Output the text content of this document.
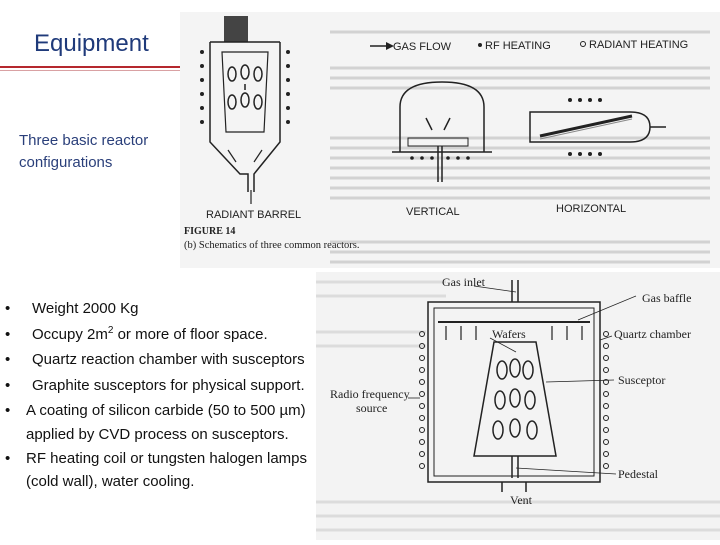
Equipment
Three basic reactor configurations
GAS FLOW	RF HEATING	RADIANT HEATING
RADIANT BARREL	VERTICAL	HORIZONTAL
FIGURE 14
(b) Schematics of three common reactors.
Gas inlet
Gas baffle
Wafers	Quartz chamber
Susceptor
Radio frequency
source
Pedestal
Vent
• Weight 2000 Kg
• Occupy $2m^2$ or more of floor space.
• Quartz reaction chamber with susceptors
• Graphite susceptors for physical support.
• A coating of silicon carbide (50 to 500 µm)
applied by CVD process on susceptors.
• RF heating coil or tungsten halogen lamps
(cold wall), water cooling.
